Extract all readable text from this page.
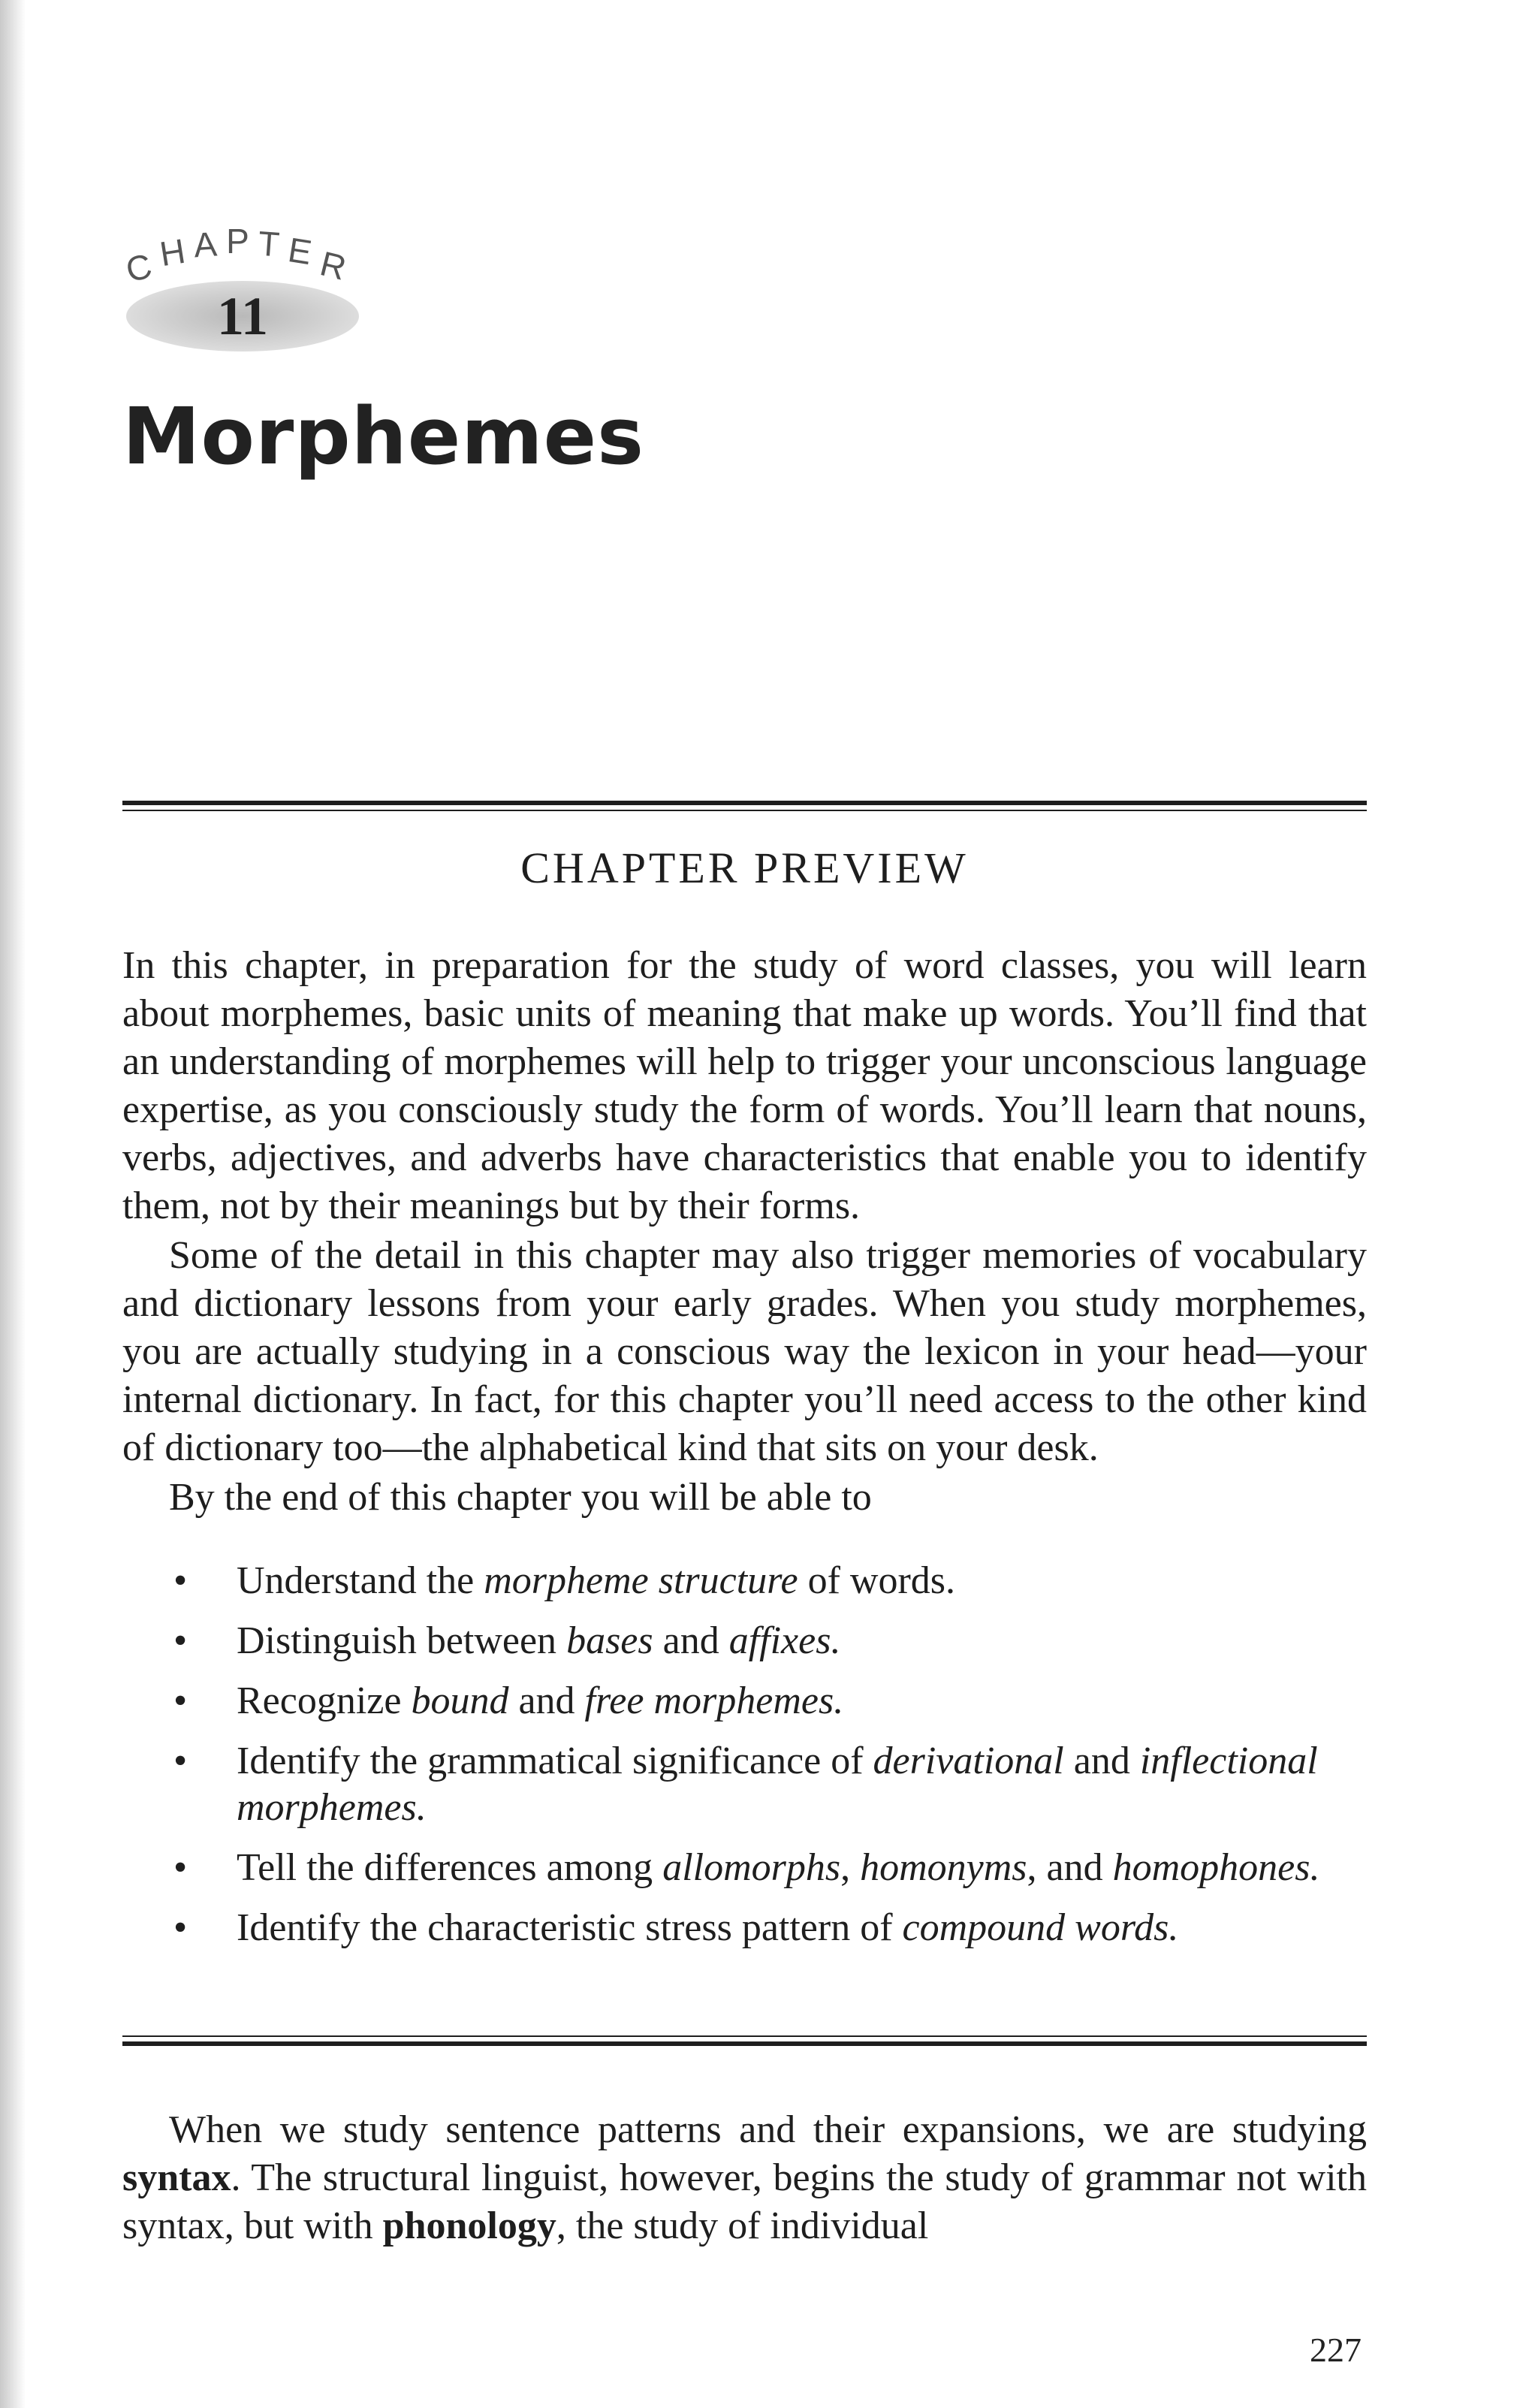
CHAPTER
11
Morphemes
CHAPTER PREVIEW

In this chapter, in preparation for the study of word classes, you will learn about morphemes, basic units of meaning that make up words. You’ll find that an understanding of morphemes will help to trigger your unconscious language expertise, as you consciously study the form of words. You’ll learn that nouns, verbs, adjectives, and adverbs have characteristics that enable you to identify them, not by their meanings but by their forms.

Some of the detail in this chapter may also trigger memories of vocabulary and dictionary lessons from your early grades. When you study morphemes, you are actually studying in a conscious way the lexicon in your head—your internal dictionary. In fact, for this chapter you’ll need access to the other kind of dictionary too—the alphabetical kind that sits on your desk.

By the end of this chapter you will be able to

• Understand the morpheme structure of words.
• Distinguish between bases and affixes.
• Recognize bound and free morphemes.
• Identify the grammatical significance of derivational and inflectional morphemes.
• Tell the differences among allomorphs, homonyms, and homophones.
• Identify the characteristic stress pattern of compound words.

When we study sentence patterns and their expansions, we are studying syntax. The structural linguist, however, begins the study of grammar not with syntax, but with phonology, the study of individual

227
